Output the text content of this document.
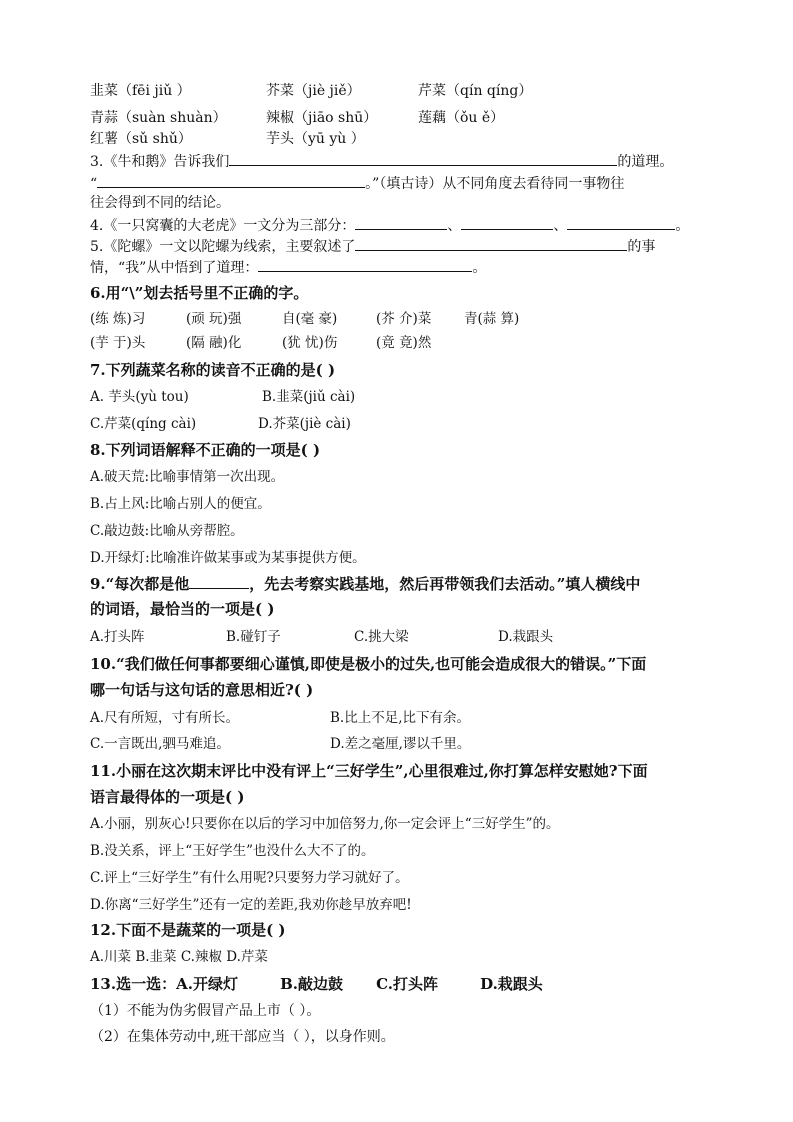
韭菜（fēi jiǔ ）	芥菜（jiè jiě）	芹菜（qín qíng）
青蒜（suàn shuàn）	辣椒（jiāo shū）	莲藕（ǒu ě）
红薯（sǔ shǔ）	芋头（yū yù ）
3.《牛和鹅》告诉我们	的道理。
“	。”（填古诗）从不同角度去看待同一事物往
往会得到不同的结论。
4.《一只窝囊的大老虎》一文分为三部分：	、	、	。
5.《陀螺》一文以陀螺为线索，主要叙述了	的事
情，“我”从中悟到了道理：	。
6.用“\”划去括号里不正确的字。
(练 炼)习	(顽 玩)强	自(毫 豪)	(芥 介)菜 青(蒜 算)
(芋 于)头	(隔 融)化	(犹 忧)伤	(竟 竟)然
7.下列蔬菜名称的读音不正确的是( )
A. 芋头(yù tou)	B.韭菜(jiǔ cài)
C.芹菜(qíng cài)	D.芥菜(jiè cài)
8.下列词语解释不正确的一项是( )
A.破天荒:比喻事情第一次出现。
B.占上风:比喻占别人的便宜。
C.敲边鼓:比喻从旁帮腔。
D.开绿灯:比喻准许做某事或为某事提供方便。
9.“每次都是他	，先去考察实践基地，然后再带领我们去活动。”填人横线中
的词语，最恰当的一项是( )
A.打头阵	B.碰钉子	C.挑大梁	D.栽跟头
10.“我们做任何事都要细心谨慎,即使是极小的过失,也可能会造成很大的错误。”下面
哪一句话与这句话的意思相近?( )
A.尺有所短，寸有所长。	B.比上不足,比下有余。
C.一言既出,驷马难追。	D.差之毫厘,谬以千里。
11.小丽在这次期末评比中没有评上“三好学生”,心里很难过,你打算怎样安慰她?下面
语言最得体的一项是( )
A.小丽，别灰心!只要你在以后的学习中加倍努力,你一定会评上“三好学生”的。
B.没关系，评上“王好学生”也没什么大不了的。
C.评上“三好学生”有什么用呢?只要努力学习就好了。
D.你离“三好学生”还有一定的差距,我劝你趁早放弃吧!
12.下面不是蔬菜的一项是( )
A.川菜 B.韭菜 C.辣椒 D.芹菜
13.选一选：A.开绿灯	B.敲边鼓 C.打头阵	D.栽跟头
（1）不能为伪劣假冒产品上市（ ）。
（2）在集体劳动中,班干部应当（ ），以身作则。
